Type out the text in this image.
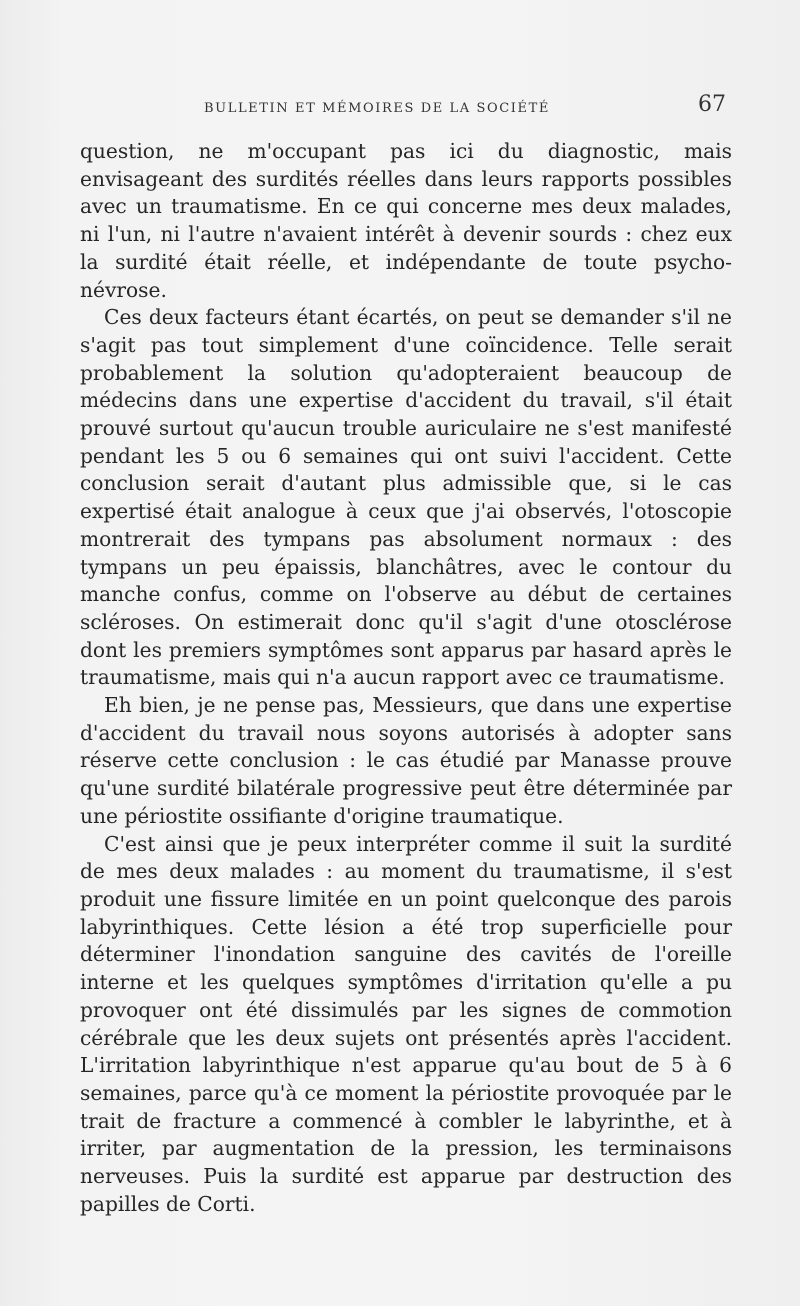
BULLETIN ET MÉMOIRES DE LA SOCIÉTÉ	67

question, ne m'occupant pas ici du diagnostic, mais envisageant des surdités réelles dans leurs rapports possibles avec un traumatisme. En ce qui concerne mes deux malades, ni l'un, ni l'autre n'avaient intérêt à devenir sourds : chez eux la surdité était réelle, et indépendante de toute psycho-névrose.

Ces deux facteurs étant écartés, on peut se demander s'il ne s'agit pas tout simplement d'une coïncidence. Telle serait probablement la solution qu'adopteraient beaucoup de médecins dans une expertise d'accident du travail, s'il était prouvé surtout qu'aucun trouble auriculaire ne s'est manifesté pendant les 5 ou 6 semaines qui ont suivi l'accident. Cette conclusion serait d'autant plus admissible que, si le cas expertisé était analogue à ceux que j'ai observés, l'otoscopie montrerait des tympans pas absolument normaux : des tympans un peu épaissis, blanchâtres, avec le contour du manche confus, comme on l'observe au début de certaines scléroses. On estimerait donc qu'il s'agit d'une otosclérose dont les premiers symptômes sont apparus par hasard après le traumatisme, mais qui n'a aucun rapport avec ce traumatisme.

Eh bien, je ne pense pas, Messieurs, que dans une expertise d'accident du travail nous soyons autorisés à adopter sans réserve cette conclusion : le cas étudié par Manasse prouve qu'une surdité bilatérale progressive peut être déterminée par une périostite ossifiante d'origine traumatique.

C'est ainsi que je peux interpréter comme il suit la surdité de mes deux malades : au moment du traumatisme, il s'est produit une fissure limitée en un point quelconque des parois labyrinthiques. Cette lésion a été trop superficielle pour déterminer l'inondation sanguine des cavités de l'oreille interne et les quelques symptômes d'irritation qu'elle a pu provoquer ont été dissimulés par les signes de commotion cérébrale que les deux sujets ont présentés après l'accident. L'irritation labyrinthique n'est apparue qu'au bout de 5 à 6 semaines, parce qu'à ce moment la périostite provoquée par le trait de fracture a commencé à combler le labyrinthe, et à irriter, par augmentation de la pression, les terminaisons nerveuses. Puis la surdité est apparue par destruction des papilles de Corti.
